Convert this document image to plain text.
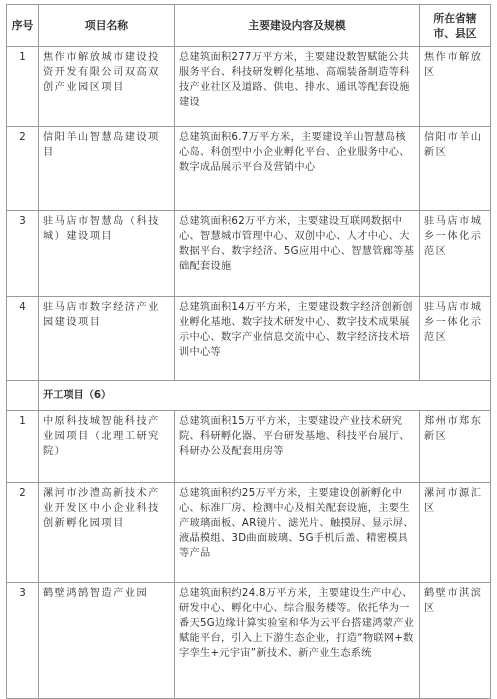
序号	项目名称	主要建设内容及规模	所在省辖市、县区
1	焦作市解放城市建设投资开发有限公司双高双创产业园区项目	总建筑面积277万平方米，主要建设数智赋能公共服务平台、科技研发孵化基地、高端装备制造等科技产业社区及道路、供电、排水、通讯等配套设施建设	焦作市解放区
2	信阳羊山智慧岛建设项目	总建筑面积6.7万平方米，主要建设羊山智慧岛核心岛、科创型中小企业孵化平台、企业服务中心、数字成品展示平台及营销中心	信阳市羊山新区
3	驻马店市智慧岛（科技城）建设项目	总建筑面积62万平方米，主要建设互联网数据中心、智慧城市管理中心、双创中心、人才中心、大数据平台、数字经济、5G应用中心、智慧管廊等基础配套设施	驻马店市城乡一体化示范区
4	驻马店市数字经济产业园建设项目	总建筑面积14万平方米，主要建设数字经济创新创业孵化基地、数字技术研发中心、数字技术成果展示中心、数字产业信息交流中心、数字经济技术培训中心等	驻马店市城乡一体化示范区
	开工项目（6）		
1	中原科技城智能科技产业园项目（北理工研究院）	总建筑面积15万平方米，主要建设产业技术研究院、科研孵化器、平台研发基地、科技平台展厅、科研办公及配套用房等	郑州市郑东新区
2	漯河市沙澧高新技术产业开发区中小企业科技创新孵化园项目	总建筑面积约25万平方米，主要建设创新孵化中心、标准厂房、检测中心及相关配套设施，主要生产玻璃面板、AR镜片、滤光片、触摸屏、显示屏、液晶模组、3D曲面玻璃、5G手机后盖、精密模具等产品	漯河市源汇区
3	鹤壁鸿鹄智造产业园	总建筑面积约24.8万平方米，主要建设生产中心、研发中心、孵化中心、综合服务楼等。依托华为一番天5G边缘计算实验室和华为云平台搭建鸿蒙产业赋能平台，引入上下游生态企业，打造“物联网+数字孪生+元宇宙”新技术、新产业生态系统	鹤壁市淇滨区
